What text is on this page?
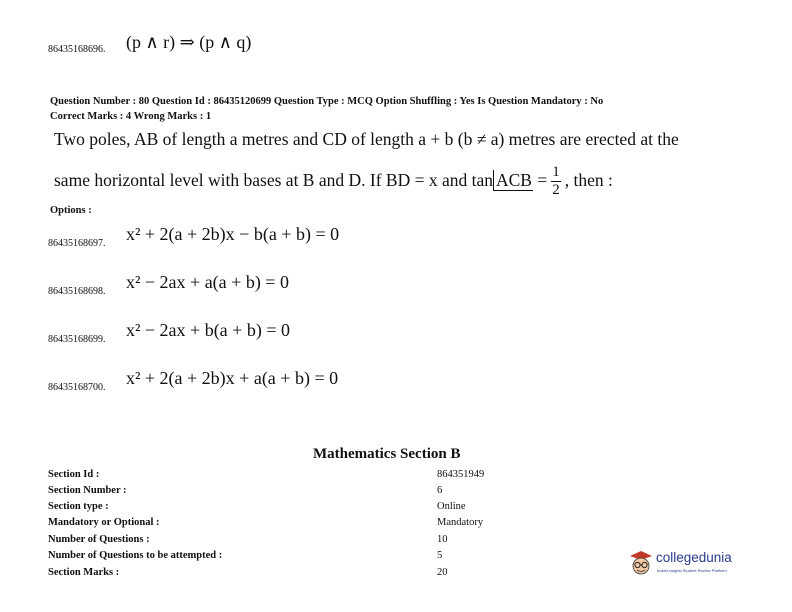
86435168696. (p ∧ r) ⇒ (p ∧ q)
Question Number : 80 Question Id : 86435120699 Question Type : MCQ Option Shuffling : Yes Is Question Mandatory : No
Correct Marks : 4 Wrong Marks : 1
Two poles, AB of length a metres and CD of length a + b (b ≠ a) metres are erected at the
same horizontal level with bases at B and D. If BD = x and tan ACB = $\frac{1}{2}$ , then :
Options :
86435168697. x² + 2(a + 2b)x − b(a + b) = 0
86435168698. x² − 2ax + a(a + b) = 0
86435168699. x² − 2ax + b(a + b) = 0
86435168700. x² + 2(a + 2b)x + a(a + b) = 0
Mathematics Section B
Section Id :	864351949
Section Number :	6
Section type :	Online
Mandatory or Optional :	Mandatory
Number of Questions :	10
Number of Questions to be attempted :	5
Section Marks :	20
collegedunia
India's largest Student Review Platform
